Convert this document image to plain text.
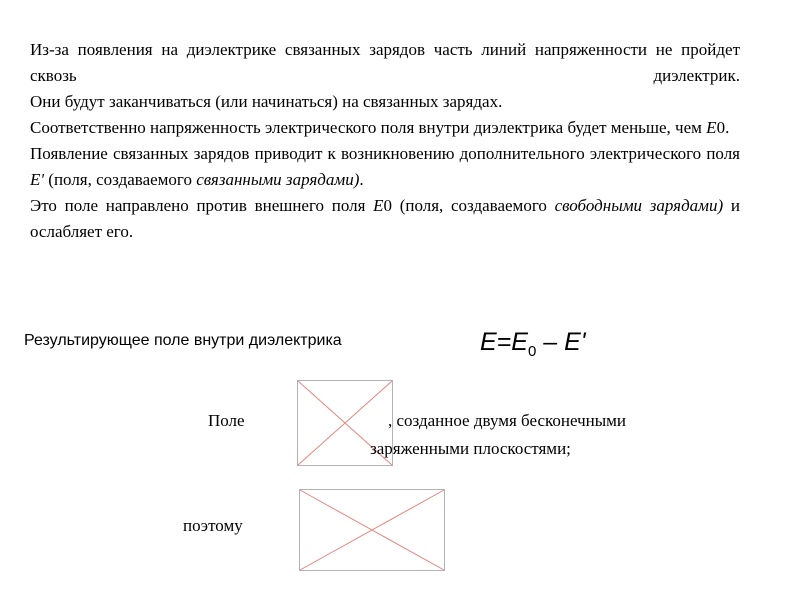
Из-за появления на диэлектрике связанных зарядов часть линий напряженности не пройдет сквозь диэлектрик.

Они будут заканчиваться (или начинаться) на связанных зарядах.

Соответственно напряженность электрического поля внутри диэлектрика будет меньше, чем E0.

Появление связанных зарядов приводит к возникновению дополнительного электрического поля E' (поля, создаваемого связанными зарядами).

Это поле направлено против внешнего поля E0 (поля, создаваемого свободными зарядами) и ослабляет его.

Результирующее поле внутри диэлектрика	$E=E_0 - E'$
Поле	, созданное двумя бесконечными
заряженными плоскостями;
поэтому
